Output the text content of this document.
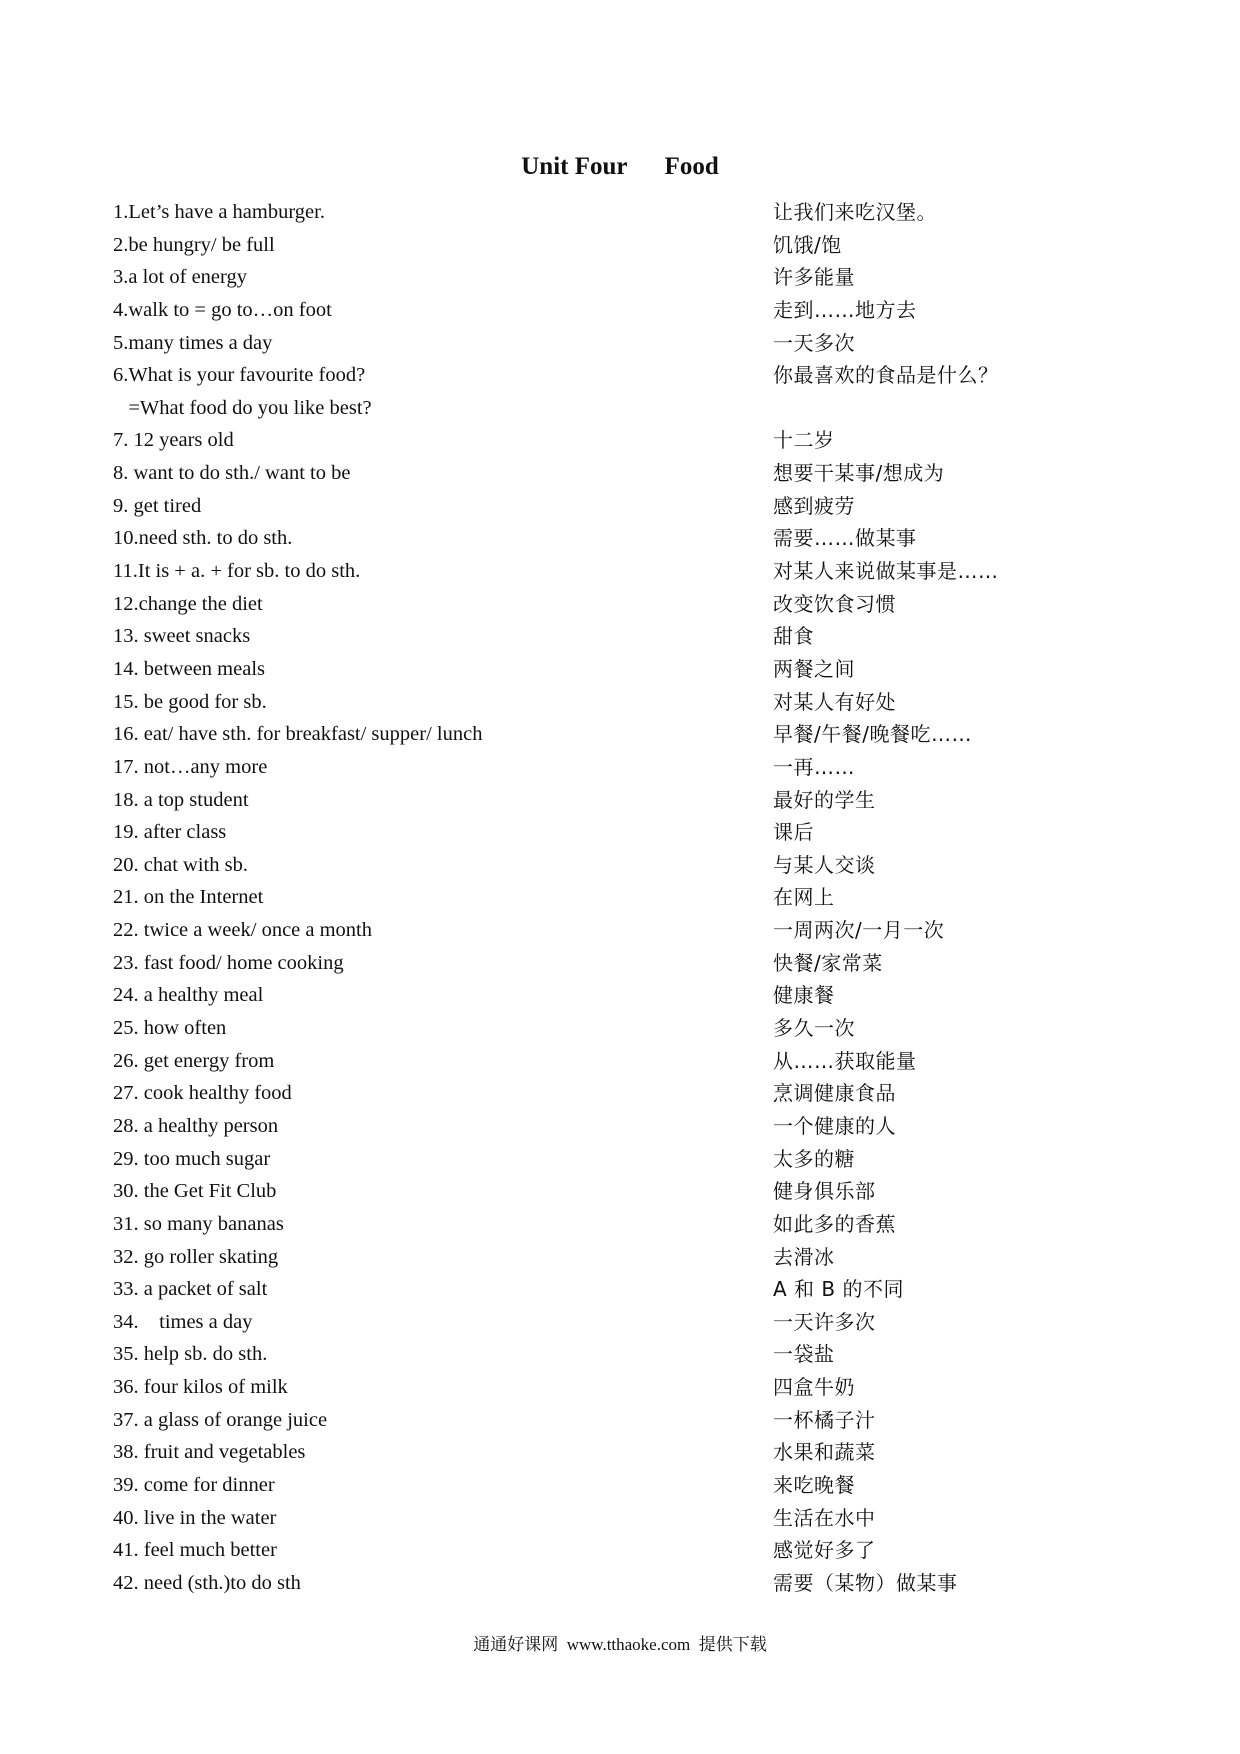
Unit Four      Food
1.Let’s have a hamburger.	让我们来吃汉堡。
2.be hungry/ be full	饥饿/饱
3.a lot of energy	许多能量
4.walk to = go to…on foot	走到……地方去
5.many times a day	一天多次
6.What is your favourite food?	你最喜欢的食品是什么？
=What food do you like best?
7. 12 years old	十二岁
8. want to do sth./ want to be	想要干某事/想成为
9. get tired	感到疲劳
10.need sth. to do sth.	需要……做某事
11.It is + a. + for sb. to do sth.	对某人来说做某事是……
12.change the diet	改变饮食习惯
13. sweet snacks	甜食
14. between meals	两餐之间
15. be good for sb.	对某人有好处
16. eat/ have sth. for breakfast/ supper/ lunch	早餐/午餐/晚餐吃……
17. not…any more	一再……
18. a top student	最好的学生
19. after class	课后
20. chat with sb.	与某人交谈
21. on the Internet	在网上
22. twice a week/ once a month	一周两次/一月一次
23. fast food/ home cooking	快餐/家常菜
24. a healthy meal	健康餐
25. how often	多久一次
26. get energy from	从……获取能量
27. cook healthy food	烹调健康食品
28. a healthy person	一个健康的人
29. too much sugar	太多的糖
30. the Get Fit Club	健身俱乐部
31. so many bananas	如此多的香蕉
32. go roller skating	去滑冰
33. a packet of salt	A 和 B 的不同
34.    times a day	一天许多次
35. help sb. do sth.	一袋盐
36. four kilos of milk	四盒牛奶
37. a glass of orange juice	一杯橘子汁
38. fruit and vegetables	水果和蔬菜
39. come for dinner	来吃晚餐
40. live in the water	生活在水中
41. feel much better	感觉好多了
42. need (sth.)to do sth	需要（某物）做某事
通通好课网  www.tthaoke.com  提供下载
